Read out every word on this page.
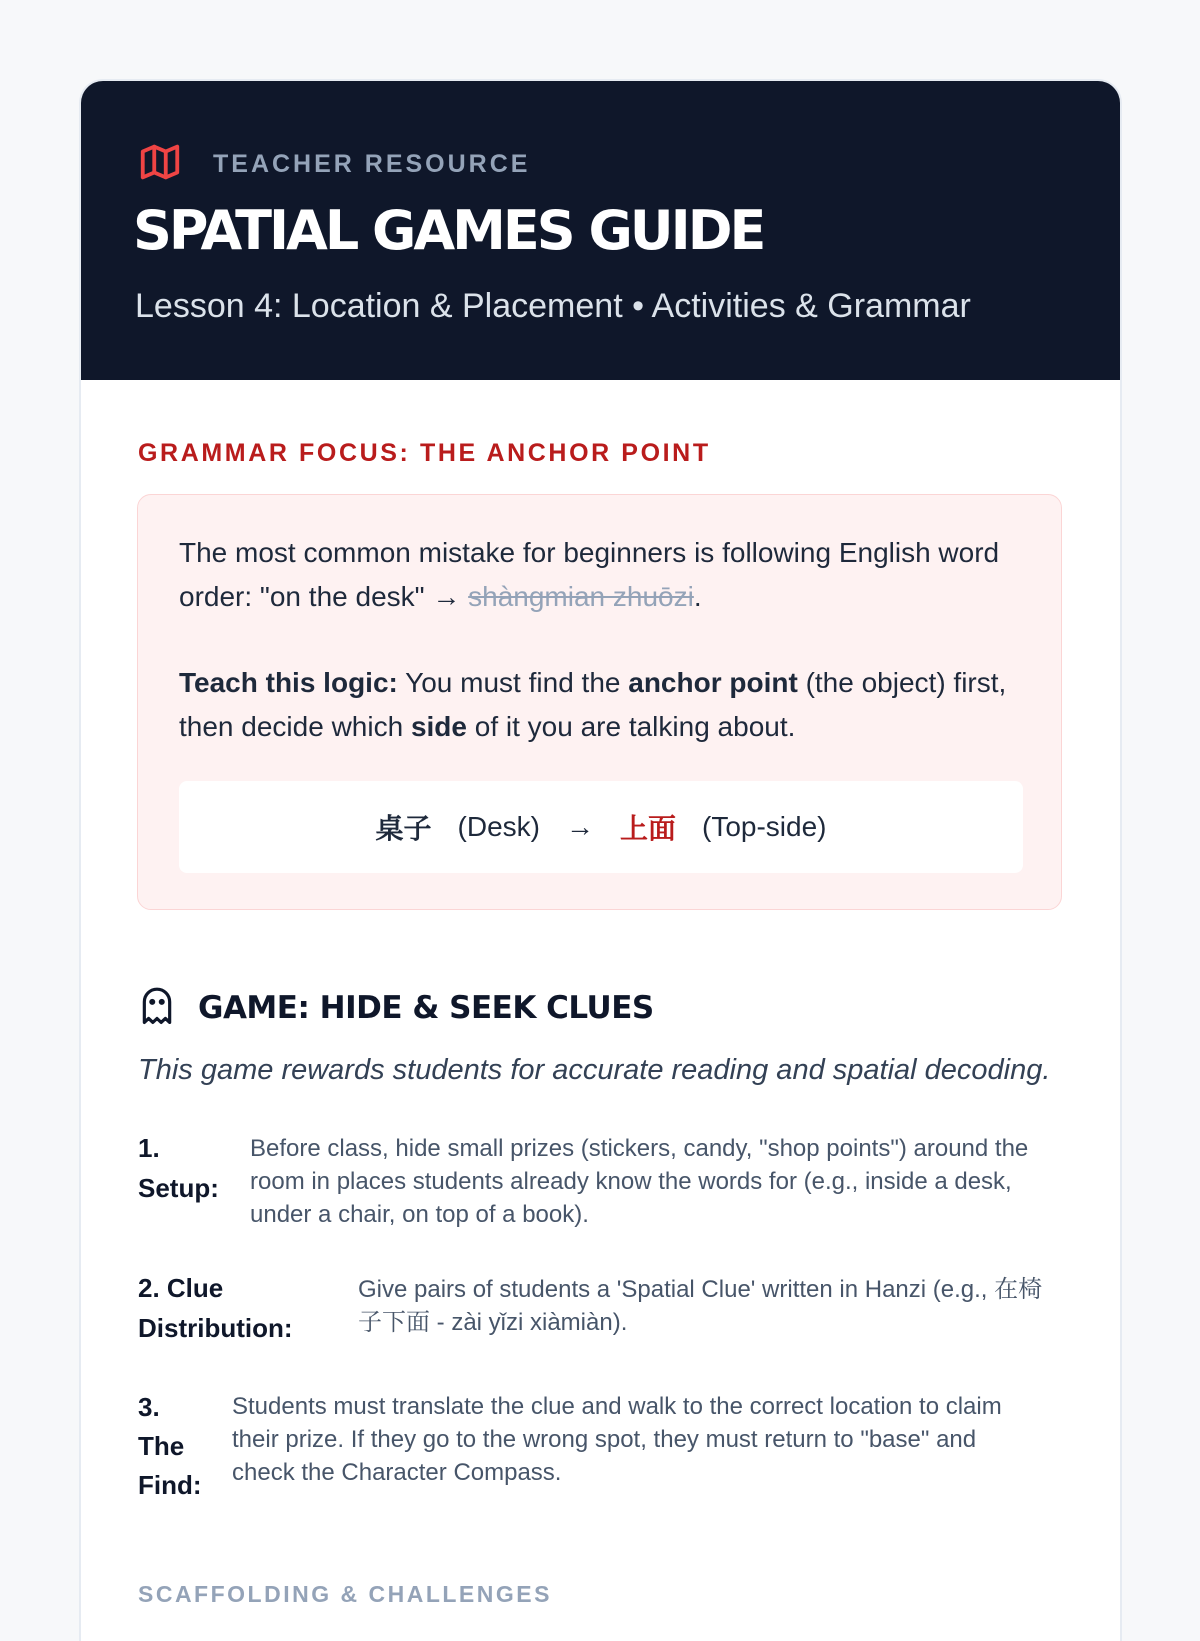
TEACHER RESOURCE
SPATIAL GAMES GUIDE
Lesson 4: Location & Placement • Activities & Grammar
GRAMMAR FOCUS: THE ANCHOR POINT

The most common mistake for beginners is following English word order: "on the desk" → shàngmian zhuōzi.

Teach this logic: You must find the anchor point (the object) first, then decide which side of it you are talking about.

桌子 (Desk) → 上面 (Top-side)
GAME: HIDE & SEEK CLUES
This game rewards students for accurate reading and spatial decoding.
1.
Setup:
Before class, hide small prizes (stickers, candy, "shop points") around the room in places students already know the words for (e.g., inside a desk, under a chair, on top of a book).
2. Clue
Distribution:
Give pairs of students a 'Spatial Clue' written in Hanzi (e.g., 在椅子下面 - zài yǐzi xiàmiàn).
3.
The
Find:
Students must translate the clue and walk to the correct location to claim their prize. If they go to the wrong spot, they must return to "base" and check the Character Compass.
SCAFFOLDING & CHALLENGES
